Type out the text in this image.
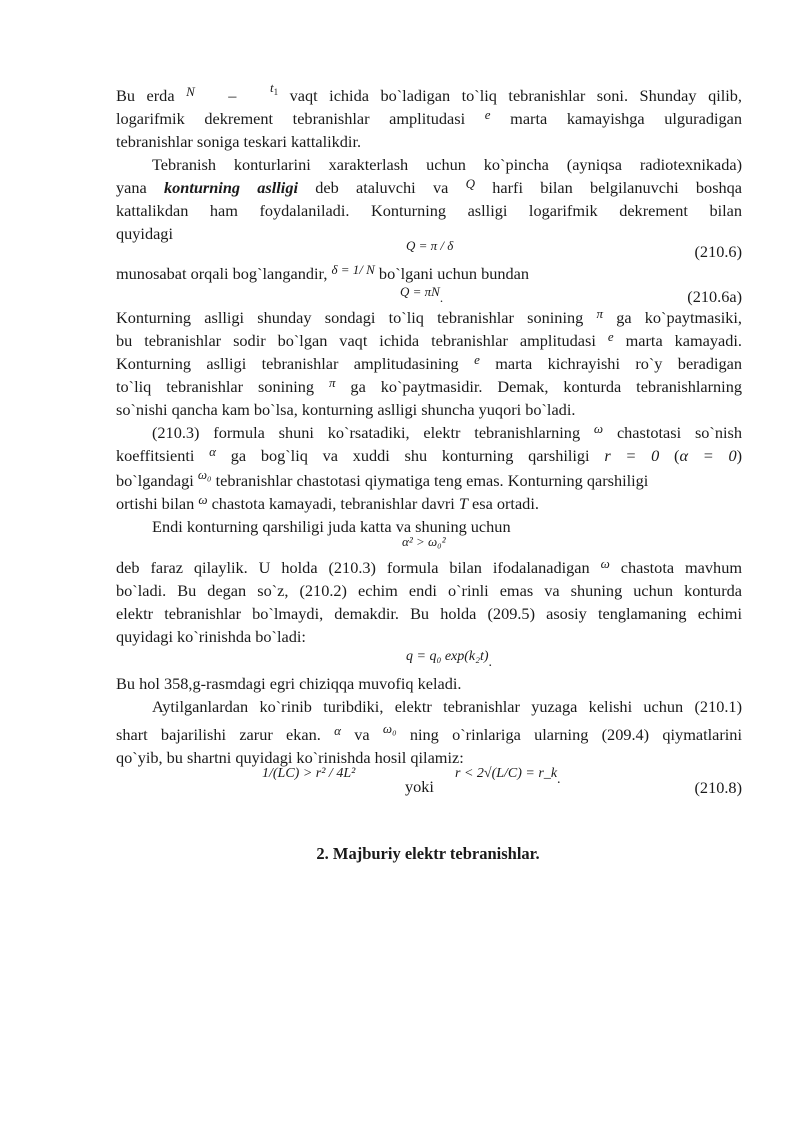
Bu erda $^N$  –  $^{t_1}$ vaqt ichida bo`ladigan to`liq tebranishlar soni. Shunday qilib,
logarifmik dekrement tebranishlar amplitudasi $^e$ marta kamayishga ulguradigan
tebranishlar soniga teskari kattalikdir.
Tebranish konturlarini xarakterlash uchun ko`pincha (ayniqsa radiotexnikada)
yana konturning aslligi deb ataluvchi va $^Q$ harfi bilan belgilanuvchi boshqa
kattalikdan ham foydalaniladi. Konturning aslligi logarifmik dekrement bilan
quyidagi
Q = π / δ	(210.6)
munosabat orqali bog`langandir, $^{\delta = 1/ N}$ bo`lgani uchun bundan
Q = πN.	(210.6a)
Konturning aslligi shunday sondagi to`liq tebranishlar sonining $^\pi$ ga ko`paytmasiki,
bu tebranishlar sodir bo`lgan vaqt ichida tebranishlar amplitudasi $^e$ marta kamayadi.
Konturning aslligi tebranishlar amplitudasining $^e$ marta kichrayishi ro`y beradigan
to`liq tebranishlar sonining $^\pi$ ga ko`paytmasidir. Demak, konturda tebranishlarning
so`nishi qancha kam bo`lsa, konturning aslligi shuncha yuqori bo`ladi.
(210.3) formula shuni ko`rsatadiki, elektr tebranishlarning $^\omega$ chastotasi so`nish
koeffitsienti $^\alpha$ ga bog`liq va xuddi shu konturning qarshiligi r = 0 (α = 0)
bo`lgandagi $^{\omega_0}$ tebranishlar chastotasi qiymatiga teng emas. Konturning qarshiligi
ortishi bilan $^\omega$ chastota kamayadi, tebranishlar davri T esa ortadi.
Endi konturning qarshiligi juda katta va shuning uchun
α² > ω₀²
deb faraz qilaylik. U holda (210.3) formula bilan ifodalanadigan $^\omega$ chastota mavhum
bo`ladi. Bu degan so`z, (210.2) echim endi o`rinli emas va shuning uchun konturda
elektr tebranishlar bo`lmaydi, demakdir. Bu holda (209.5) asosiy tenglamaning echimi
quyidagi ko`rinishda bo`ladi:
q = q₀ exp(k₂t).
Bu hol 358,g-rasmdagi egri chiziqqa muvofiq keladi.
Aytilganlardan ko`rinib turibdiki, elektr tebranishlar yuzaga kelishi uchun (210.1)
shart bajarilishi zarur ekan. $^\alpha$ va $^{\omega_0}$ ning o`rinlariga ularning (209.4) qiymatlarini
qo`yib, bu shartni quyidagi ko`rinishda hosil qilamiz:
1/(LC) > r² / 4L²
yoki
r < 2√(L/C) = r_k.	(210.8)
2. Majburiy elektr tebranishlar.
